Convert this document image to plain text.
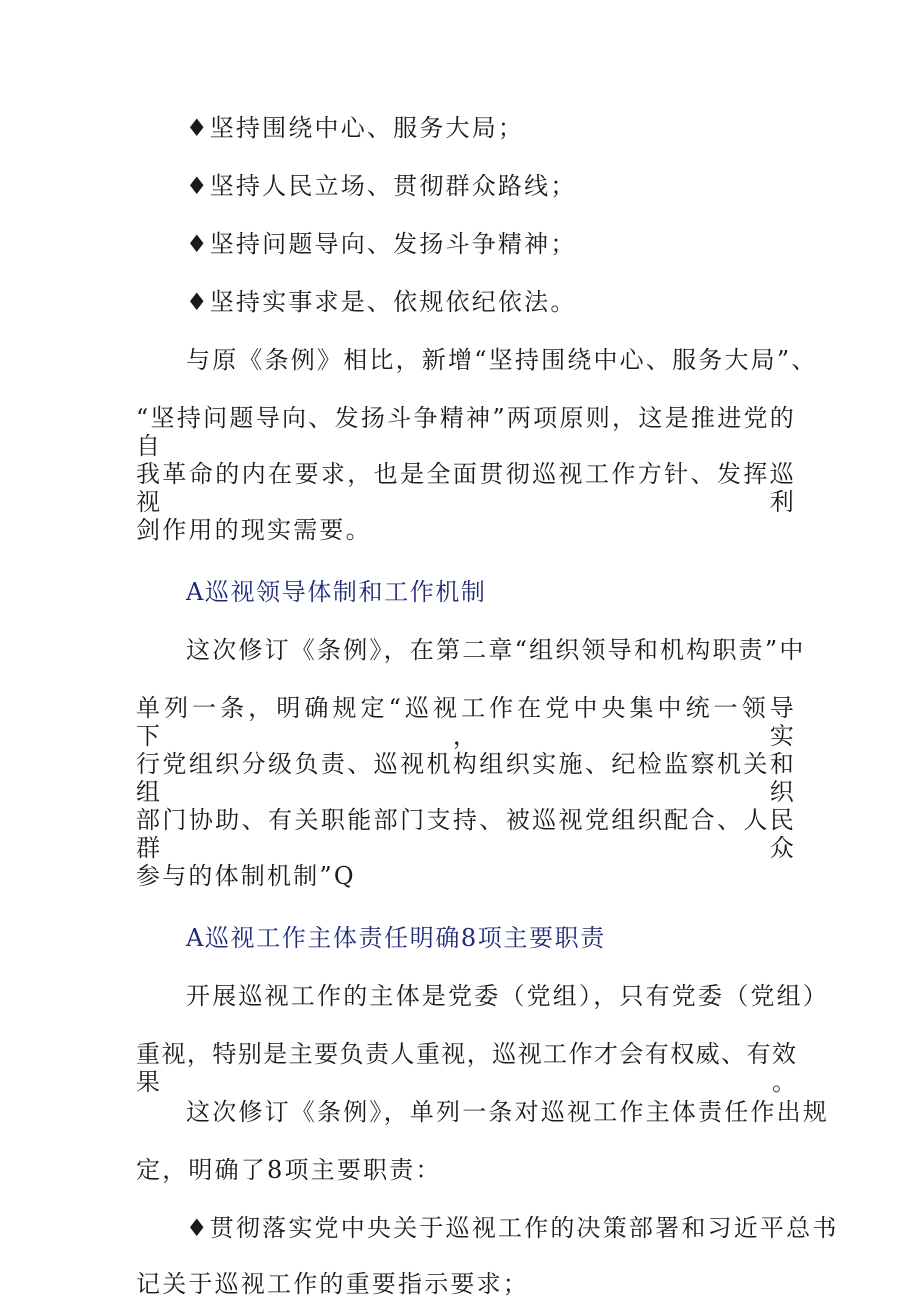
♦坚持围绕中心、服务大局；
♦坚持人民立场、贯彻群众路线；
♦坚持问题导向、发扬斗争精神；
♦坚持实事求是、依规依纪依法。
与原《条例》相比，新增“坚持围绕中心、服务大局”、
“坚持问题导向、发扬斗争精神”两项原则，这是推进党的自
我革命的内在要求，也是全面贯彻巡视工作方针、发挥巡视利
剑作用的现实需要。
A巡视领导体制和工作机制
这次修订《条例》，在第二章“组织领导和机构职责”中
单列一条，明确规定“巡视工作在党中央集中统一领导下，实
行党组织分级负责、巡视机构组织实施、纪检监察机关和组织
部门协助、有关职能部门支持、被巡视党组织配合、人民群众
参与的体制机制”Q
A巡视工作主体责任明确8项主要职责
开展巡视工作的主体是党委（党组），只有党委（党组）
重视，特别是主要负责人重视，巡视工作才会有权威、有效果。
这次修订《条例》，单列一条对巡视工作主体责任作出规
定，明确了8项主要职责：
♦贯彻落实党中央关于巡视工作的决策部署和习近平总书
记关于巡视工作的重要指示要求；
